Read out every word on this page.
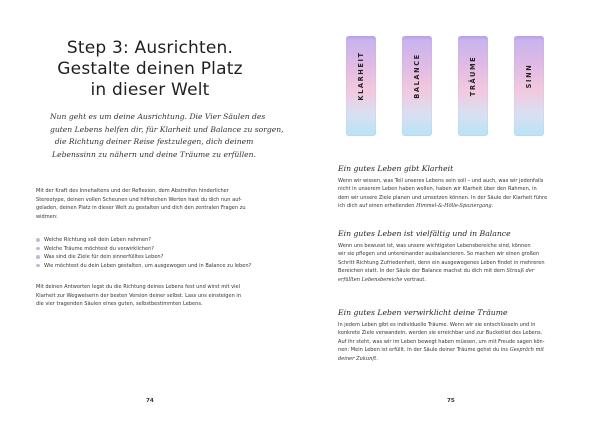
Step 3: Ausrichten.
Gestalte deinen Platz
in dieser Welt
Nun geht es um deine Ausrichtung. Die Vier Säulen des
guten Lebens helfen dir, für Klarheit und Balance zu sorgen,
die Richtung deiner Reise festzulegen, dich deinem
Lebenssinn zu nähern und deine Träume zu erfüllen.
Mit der Kraft des Innehaltens und der Reflexion, dem Abstreifen hinderlicher
Stereotype, deinen vollen Scheunen und hilfreichen Werten hast du dich nun auf-
geladen, deinen Platz in dieser Welt zu gestalten und dich den zentralen Fragen zu
widmen:
Welche Richtung soll dein Leben nehmen?
Welche Träume möchtest du verwirklichen?
Was sind die Ziele für dein sinnerfülltes Leben?
Wie möchtest du dein Leben gestalten, um ausgewogen und in Balance zu leben?
Mit deinen Antworten legst du die Richtung deines Lebens fest und wirst mit viel
Klarheit zur Wegweiserin der besten Version deiner selbst. Lass uns einsteigen in
die vier tragenden Säulen eines guten, selbstbestimmten Lebens.
74
KLARHEIT	BALANCE	TRÄUME	SINN
Ein gutes Leben gibt Klarheit
Wenn wir wissen, was Teil unseres Lebens sein soll – und auch, was wir jedenfalls
nicht in unserem Leben haben wollen, haben wir Klarheit über den Rahmen, in
dem wir unsere Ziele planen und umsetzen können. In der Säule der Klarheit führe
ich dich auf einen erhellenden Himmel-&-Hölle-Spaziergang.
Ein gutes Leben ist vielfältig und in Balance
Wenn uns bewusst ist, was unsere wichtigsten Lebensbereiche sind, können
wir sie pflegen und untereinander ausbalancieren. So machen wir einen großen
Schritt Richtung Zufriedenheit, denn ein ausgewogenes Leben findet in mehreren
Bereichen statt. In der Säule der Balance machst du dich mit dem Strauß der
erfüllten Lebensbereiche vertraut.
Ein gutes Leben verwirklicht deine Träume
In jedem Leben gibt es individuelle Träume. Wenn wir sie entschlüsseln und in
konkrete Ziele verwandeln, werden sie erreichbar und zur Bucketlist des Lebens.
Auf ihr steht, was wir im Leben bewegt haben müssen, um mit Freude sagen kön-
nen: Mein Leben ist erfüllt. In der Säule deiner Träume gehst du ins Gespräch mit
deiner Zukunft.
75
